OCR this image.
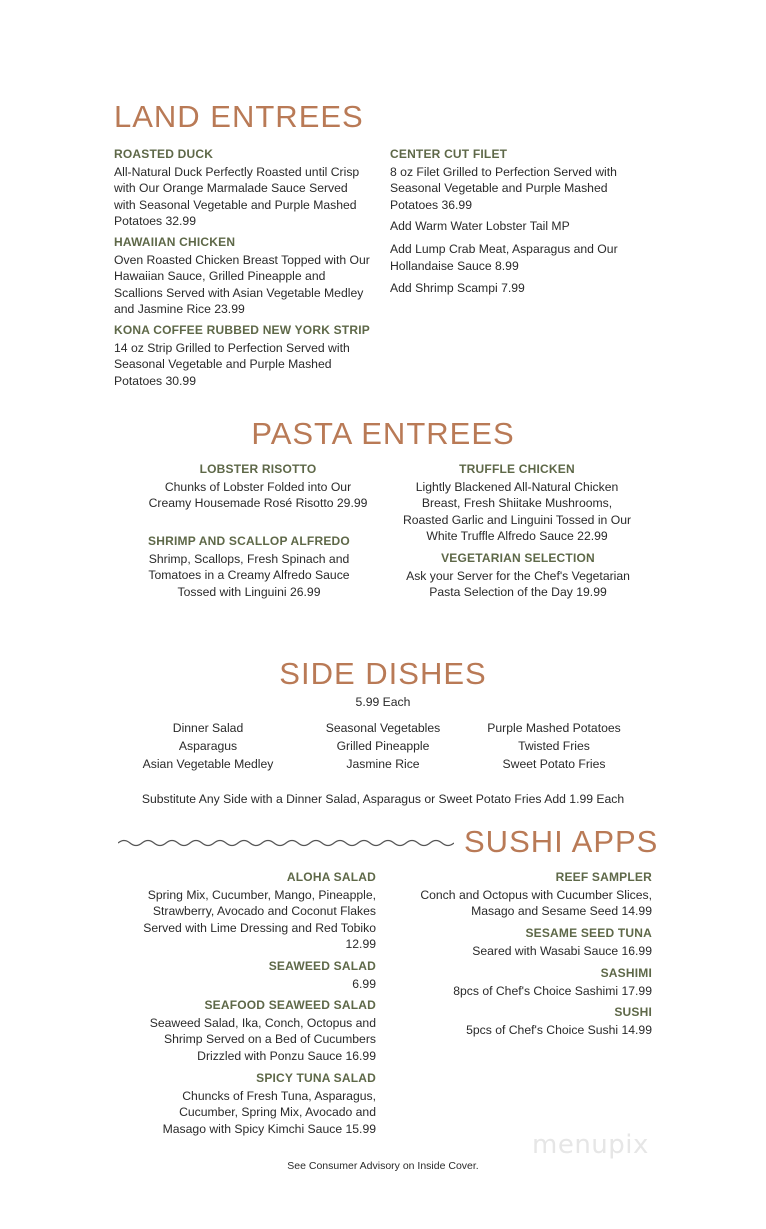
LAND ENTREES
ROASTED DUCK
All-Natural Duck Perfectly Roasted until Crisp with Our Orange Marmalade Sauce Served with Seasonal Vegetable and Purple Mashed Potatoes 32.99
HAWAIIAN CHICKEN
Oven Roasted Chicken Breast Topped with Our Hawaiian Sauce, Grilled Pineapple and Scallions Served with Asian Vegetable Medley and Jasmine Rice 23.99
KONA COFFEE RUBBED NEW YORK STRIP
14 oz Strip Grilled to Perfection Served with Seasonal Vegetable and Purple Mashed Potatoes 30.99
CENTER CUT FILET
8 oz Filet Grilled to Perfection Served with Seasonal Vegetable and Purple Mashed Potatoes 36.99
Add Warm Water Lobster Tail MP
Add Lump Crab Meat, Asparagus and Our Hollandaise Sauce 8.99
Add Shrimp Scampi 7.99
PASTA ENTREES
LOBSTER RISOTTO
Chunks of Lobster Folded into Our Creamy Housemade Rosé Risotto 29.99
SHRIMP AND SCALLOP ALFREDO
Shrimp, Scallops, Fresh Spinach and Tomatoes in a Creamy Alfredo Sauce Tossed with Linguini 26.99
TRUFFLE CHICKEN
Lightly Blackened All-Natural Chicken Breast, Fresh Shiitake Mushrooms, Roasted Garlic and Linguini Tossed in Our White Truffle Alfredo Sauce 22.99
VEGETARIAN SELECTION
Ask your Server for the Chef's Vegetarian Pasta Selection of the Day 19.99
SIDE DISHES
5.99 Each
Dinner Salad
Asparagus
Asian Vegetable Medley
Seasonal Vegetables
Grilled Pineapple
Jasmine Rice
Purple Mashed Potatoes
Twisted Fries
Sweet Potato Fries
Substitute Any Side with a Dinner Salad, Asparagus or Sweet Potato Fries Add 1.99 Each
SUSHI APPS
ALOHA SALAD
Spring Mix, Cucumber, Mango, Pineapple, Strawberry, Avocado and Coconut Flakes Served with Lime Dressing and Red Tobiko 12.99
SEAWEED SALAD
6.99
SEAFOOD SEAWEED SALAD
Seaweed Salad, Ika, Conch, Octopus and Shrimp Served on a Bed of Cucumbers Drizzled with Ponzu Sauce 16.99
SPICY TUNA SALAD
Chuncks of Fresh Tuna, Asparagus, Cucumber, Spring Mix, Avocado and Masago with Spicy Kimchi Sauce 15.99
REEF SAMPLER
Conch and Octopus with Cucumber Slices, Masago and Sesame Seed 14.99
SESAME SEED TUNA
Seared with Wasabi Sauce 16.99
SASHIMI
8pcs of Chef's Choice Sashimi 17.99
SUSHI
5pcs of Chef's Choice Sushi 14.99
menupix
See Consumer Advisory on Inside Cover.
